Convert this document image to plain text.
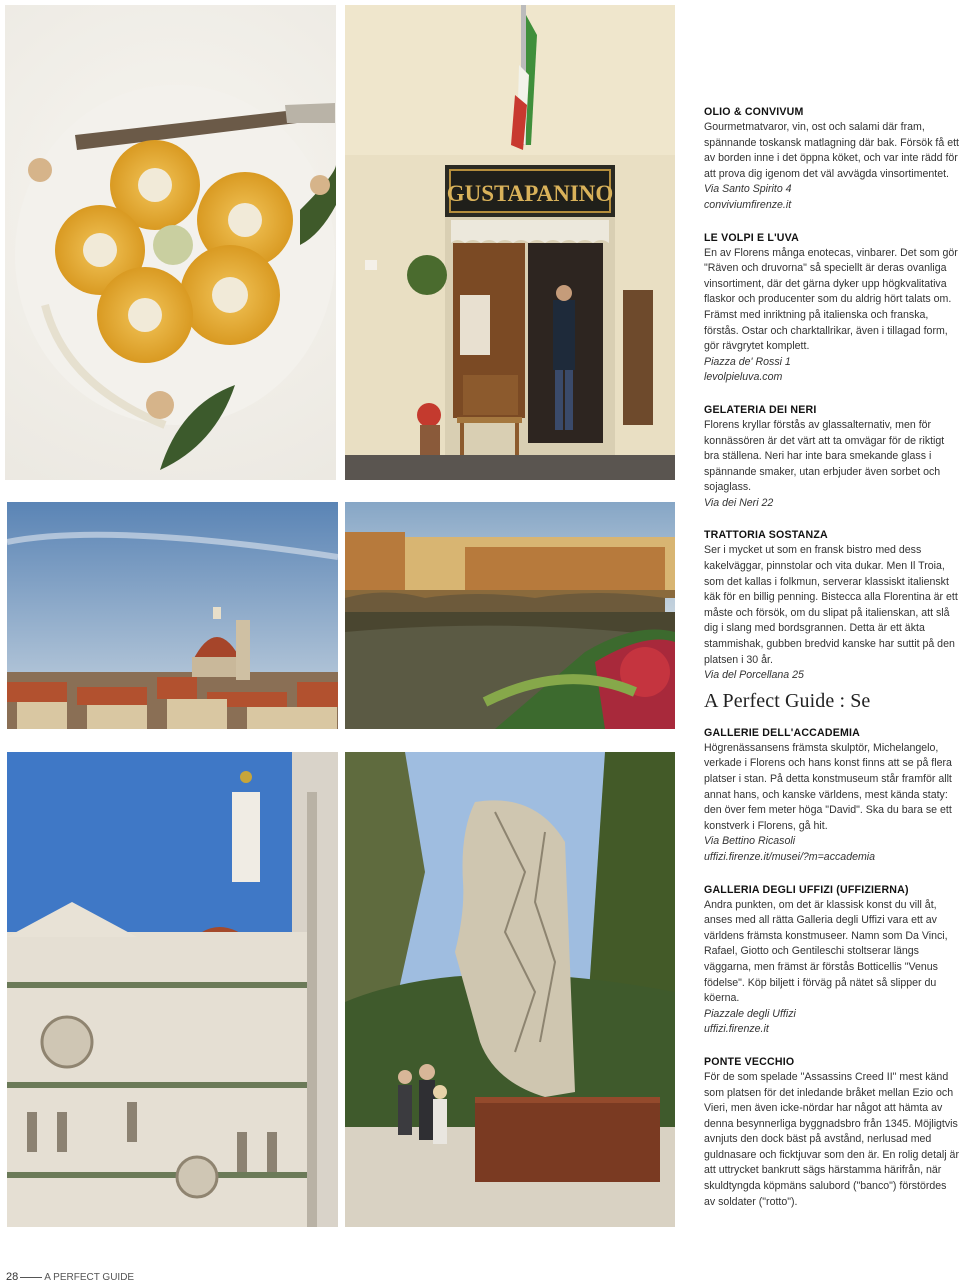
GUSTAPANINO
OLIO & CONVIVUM

Gourmetmatvaror, vin, ost och salami där fram, spännande toskansk matlagning där bak. Försök få ett av borden inne i det öppna köket, och var inte rädd för att prova dig igenom det väl avvägda vinsortimentet.

Via Santo Spirito 4
conviviumfirenze.it
LE VOLPI E L'UVA

En av Florens många enotecas, vinbarer. Det som gör "Räven och druvorna" så speciellt är deras ovanliga vinsortiment, där det gärna dyker upp högkvalitativa flaskor och producenter som du aldrig hört talats om. Främst med inriktning på italienska och franska, förstås. Ostar och charktallrikar, även i tillagad form, gör rävgrytet komplett.

Piazza de' Rossi 1
levolpieluva.com
GELATERIA DEI NERI

Florens kryllar förstås av glassalternativ, men för konnässören är det värt att ta omvägar för de riktigt bra ställena. Neri har inte bara smekande glass i spännande smaker, utan erbjuder även sorbet och sojaglass.

Via dei Neri 22
TRATTORIA SOSTANZA

Ser i mycket ut som en fransk bistro med dess kakelväggar, pinnstolar och vita dukar. Men Il Troia, som det kallas i folkmun, serverar klassiskt italienskt käk för en billig penning. Bistecca alla Florentina är ett måste och försök, om du slipat på italienskan, att slå dig i slang med bordsgrannen. Detta är ett äkta stammishak, gubben bredvid kanske har suttit på den platsen i 30 år.

Via del Porcellana 25
A Perfect Guide : Se
GALLERIE DELL'ACCADEMIA

Högrenässansens främsta skulptör, Michelangelo, verkade i Florens och hans konst finns att se på flera platser i stan. På detta konstmuseum står framför allt annat hans, och kanske världens, mest kända staty: den över fem meter höga "David". Ska du bara se ett konstverk i Florens, gå hit.

Via Bettino Ricasoli
uffizi.firenze.it/musei/?m=accademia
GALLERIA DEGLI UFFIZI (UFFIZIERNA)

Andra punkten, om det är klassisk konst du vill åt, anses med all rätta Galleria degli Uffizi vara ett av världens främsta konstmuseer. Namn som Da Vinci, Rafael, Giotto och Gentileschi stoltserar längs väggarna, men främst är förstås Botticellis "Venus födelse". Köp biljett i förväg på nätet så slipper du köerna.

Piazzale degli Uffizi
uffizi.firenze.it
PONTE VECCHIO

För de som spelade "Assassins Creed II" mest känd som platsen för det inledande bråket mellan Ezio och Vieri, men även icke-nördar har något att hämta av denna besynnerliga byggnadsbro från 1345. Möjligtvis avnjuts den dock bäst på avstånd, nerlusad med guldnasare och ficktjuvar som den är. En rolig detalj är att uttrycket bankrutt sägs härstamma härifrån, när skuldtyngda köpmäns salubord ("banco") förstördes av soldater ("rotto").

28	A PERFECT GUIDE
